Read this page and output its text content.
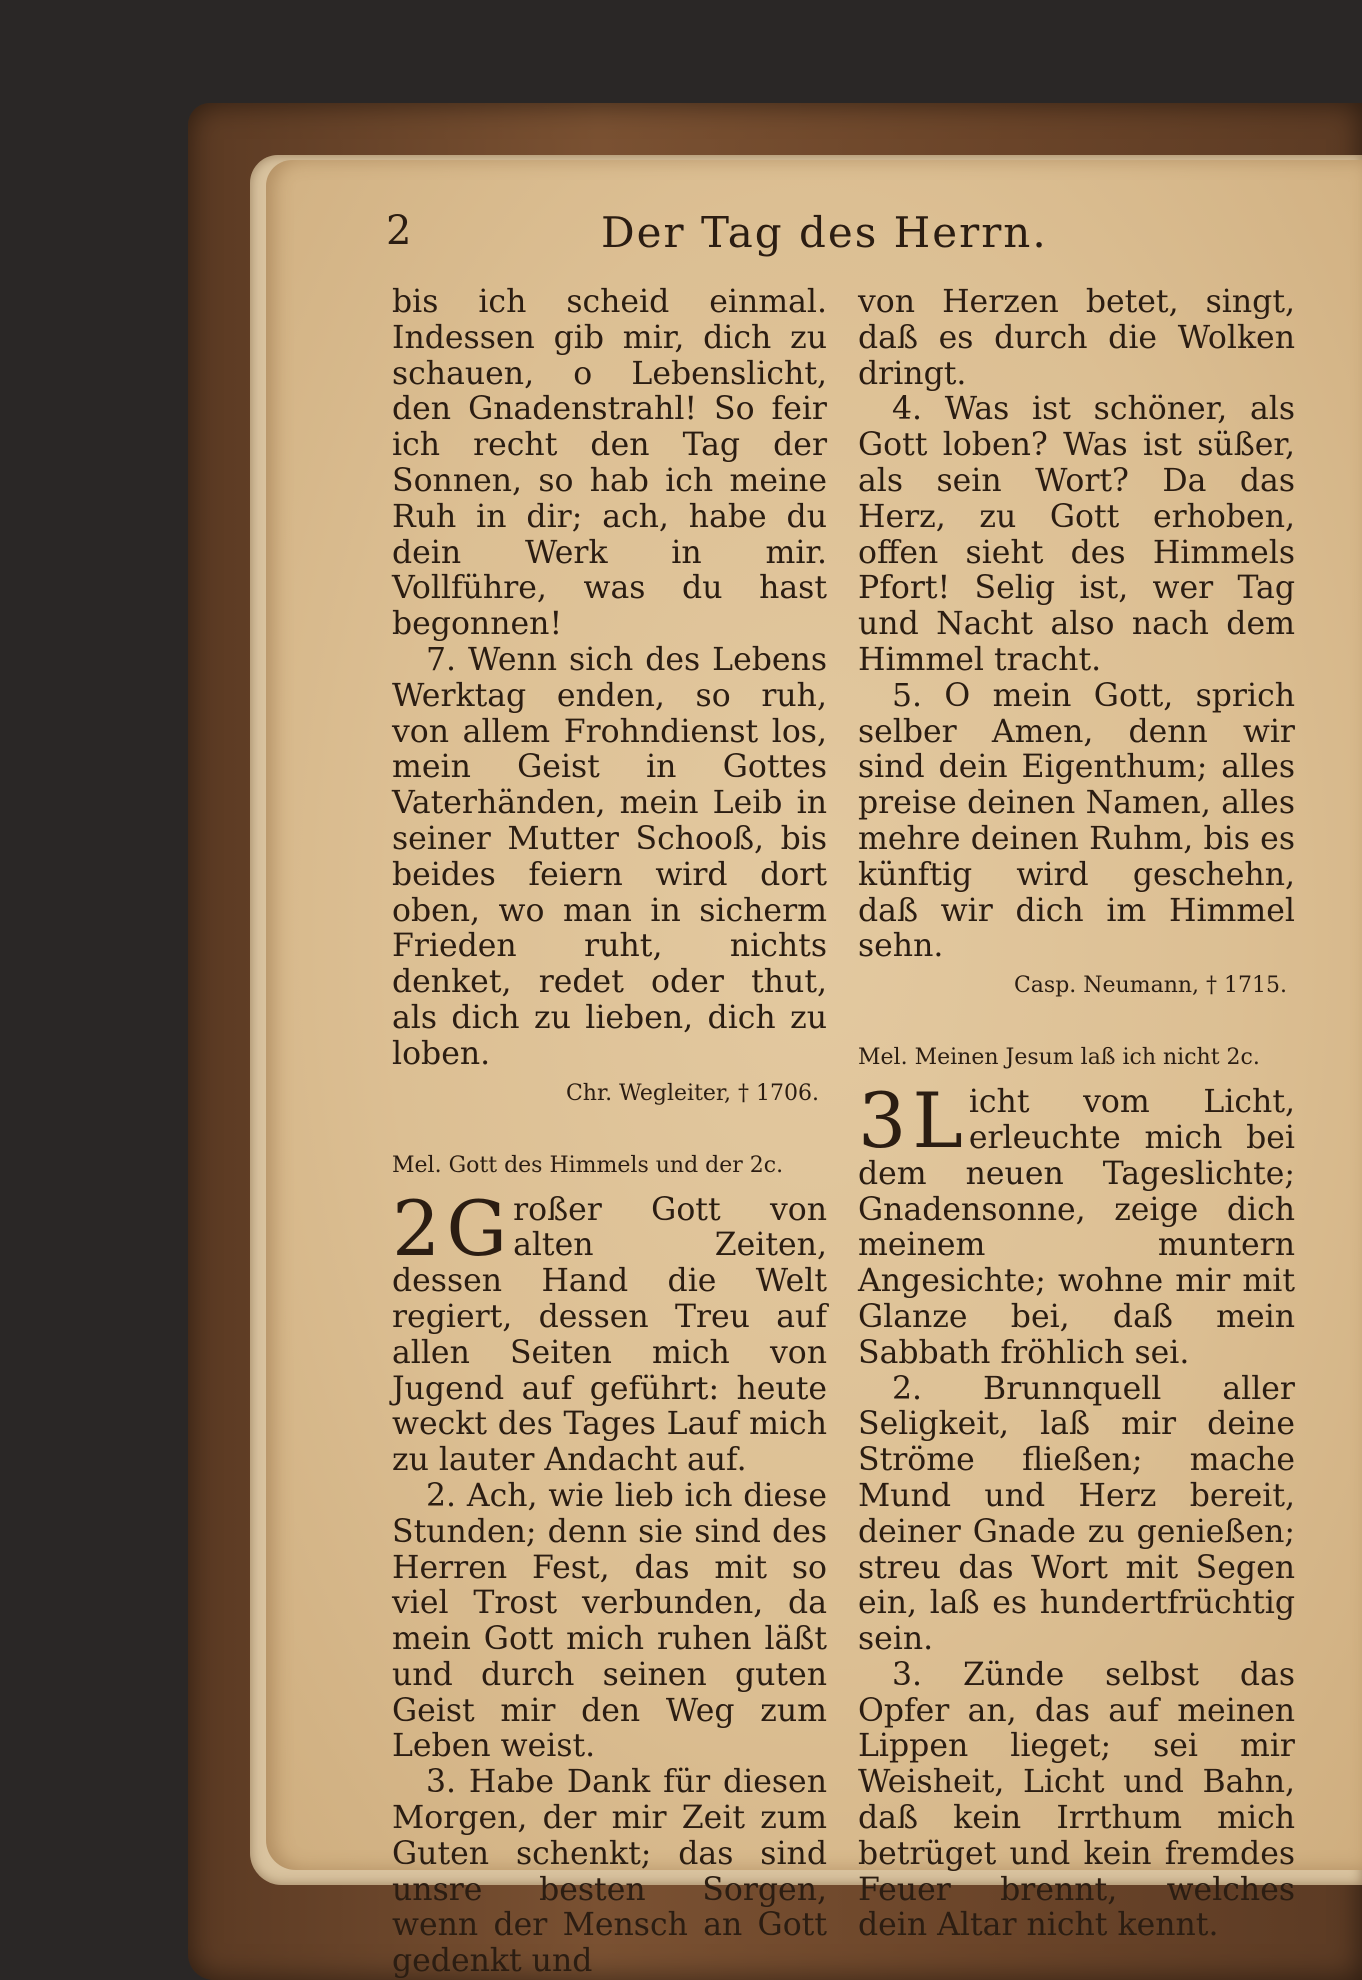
2	Der Tag des Herrn.

bis ich scheid einmal. Indessen gib mir, dich zu schauen, o Lebenslicht, den Gnadenstrahl! So feir ich recht den Tag der Sonnen, so hab ich meine Ruh in dir; ach, habe du dein Werk in mir. Vollführe, was du hast begonnen!

7. Wenn sich des Lebens Werktag enden, so ruh, von allem Frohndienst los, mein Geist in Gottes Vaterhänden, mein Leib in seiner Mutter Schooß, bis beides feiern wird dort oben, wo man in sicherm Frieden ruht, nichts denket, redet oder thut, als dich zu lieben, dich zu loben.

Chr. Wegleiter, † 1706.

Mel. Gott des Himmels und der 2c.

2 G roßer Gott von alten Zeiten, dessen Hand die Welt regiert, dessen Treu auf allen Seiten mich von Jugend auf geführt: heute weckt des Tages Lauf mich zu lauter Andacht auf.

2. Ach, wie lieb ich diese Stunden; denn sie sind des Herren Fest, das mit so viel Trost verbunden, da mein Gott mich ruhen läßt und durch seinen guten Geist mir den Weg zum Leben weist.

3. Habe Dank für diesen Morgen, der mir Zeit zum Guten schenkt; das sind unsre besten Sorgen, wenn der Mensch an Gott gedenkt und

von Herzen betet, singt, daß es durch die Wolken dringt.

4. Was ist schöner, als Gott loben? Was ist süßer, als sein Wort? Da das Herz, zu Gott erhoben, offen sieht des Himmels Pfort! Selig ist, wer Tag und Nacht also nach dem Himmel tracht.

5. O mein Gott, sprich selber Amen, denn wir sind dein Eigenthum; alles preise deinen Namen, alles mehre deinen Ruhm, bis es künftig wird geschehn, daß wir dich im Himmel sehn.

Casp. Neumann, † 1715.

Mel. Meinen Jesum laß ich nicht 2c.

3 L icht vom Licht, erleuchte mich bei dem neuen Tageslichte; Gnadensonne, zeige dich meinem muntern Angesichte; wohne mir mit Glanze bei, daß mein Sabbath fröhlich sei.

2. Brunnquell aller Seligkeit, laß mir deine Ströme fließen; mache Mund und Herz bereit, deiner Gnade zu genießen; streu das Wort mit Segen ein, laß es hundertfrüchtig sein.

3. Zünde selbst das Opfer an, das auf meinen Lippen lieget; sei mir Weisheit, Licht und Bahn, daß kein Irrthum mich betrüget und kein fremdes Feuer brennt, welches dein Altar nicht kennt.
